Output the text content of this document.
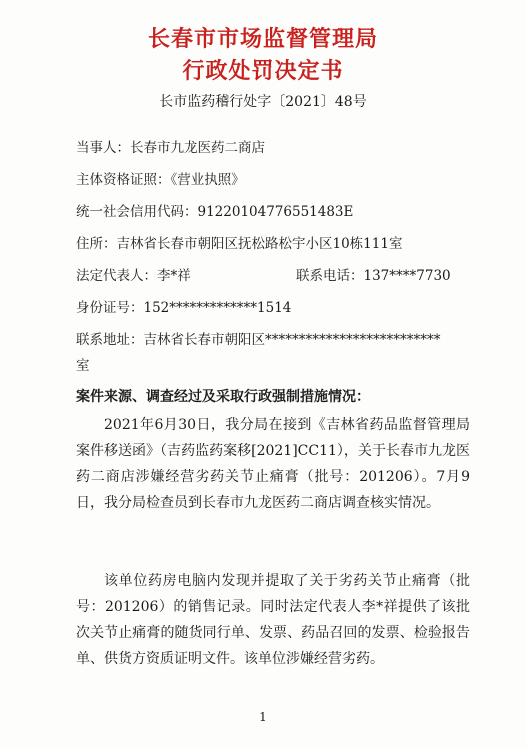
长春市市场监督管理局
行政处罚决定书
长市监药稽行处字〔2021〕48号
当事人：长春市九龙医药二商店
主体资格证照：《营业执照》
统一社会信用代码：91220104776551483E
住所：吉林省长春市朝阳区抚松路松宇小区10栋111室
法定代表人：李*祥	联系电话：137****7730
身份证号：152*************1514
联系地址：吉林省长春市朝阳区**************************
室
案件来源、调查经过及采取行政强制措施情况：
2021年6月30日，我分局在接到《吉林省药品监督管理局案件移送函》（吉药监药案移[2021]CC11），关于长春市九龙医药二商店涉嫌经营劣药关节止痛膏（批号：201206）。7月9日，我分局检查员到长春市九龙医药二商店调查核实情况。
该单位药房电脑内发现并提取了关于劣药关节止痛膏（批号：201206）的销售记录。同时法定代表人李*祥提供了该批次关节止痛膏的随货同行单、发票、药品召回的发票、检验报告单、供货方资质证明文件。该单位涉嫌经营劣药。
1
